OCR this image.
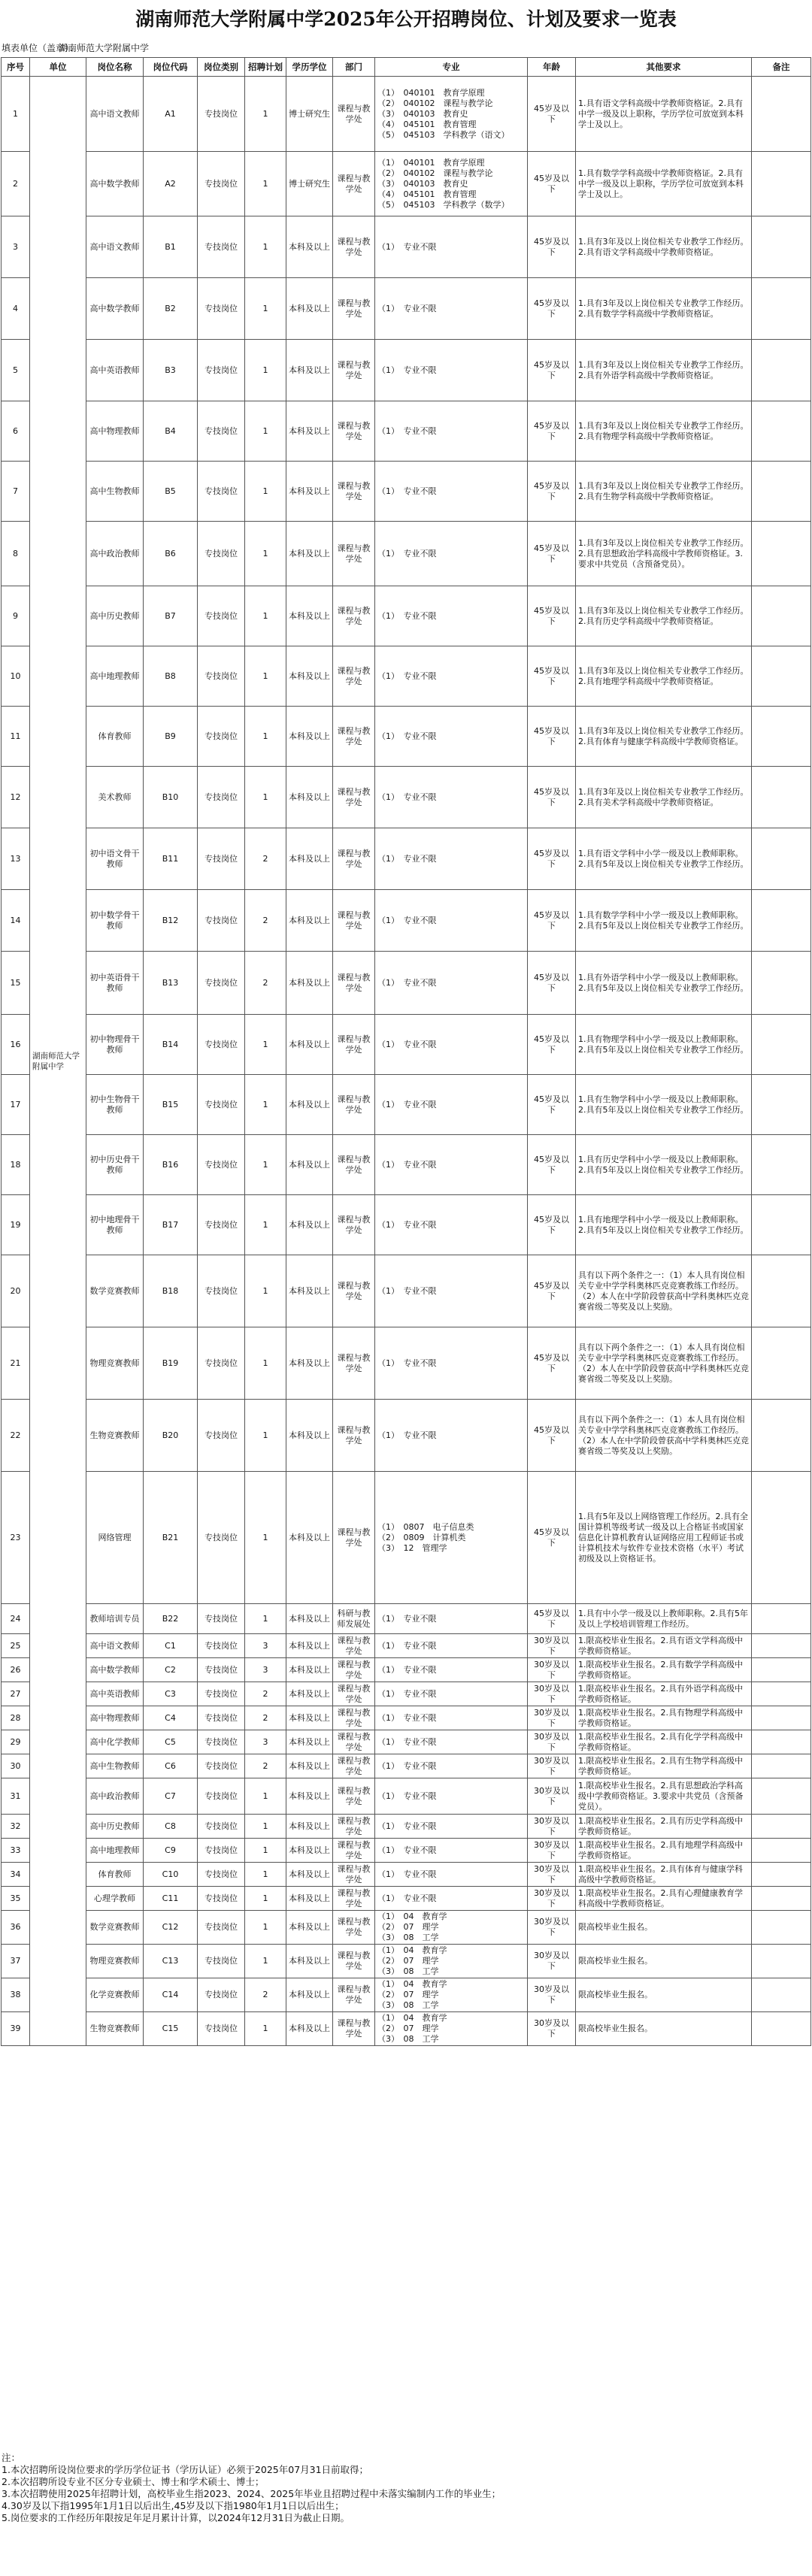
湖南师范大学附属中学2025年公开招聘岗位、计划及要求一览表
填表单位（盖章）：
湖南师范大学附属中学
序号	单位	岗位名称	岗位代码	岗位类别	招聘计划	学历学位	部门	专业	年龄	其他要求	备注
1	湖南师范大学附属中学	高中语文教师	A1	专技岗位	1	博士研究生	课程与教学处	（1）　040101　教育学原理
（2）　040102　课程与教学论
（3）　040103　教育史
（4）　045101　教育管理
（5）　045103　学科教学（语文）	45岁及以下	1.具有语文学科高级中学教师资格证。2.具有中学一级及以上职称，学历学位可放宽到本科学士及以上。	
2		高中数学教师	A2	专技岗位	1	博士研究生	课程与教学处	（1）　040101　教育学原理
（2）　040102　课程与教学论
（3）　040103　教育史
（4）　045101　教育管理
（5）　045103　学科教学（数学）	45岁及以下	1.具有数学学科高级中学教师资格证。2.具有中学一级及以上职称，学历学位可放宽到本科学士及以上。	
3		高中语文教师	B1	专技岗位	1	本科及以上	课程与教学处	（1）　专业不限	45岁及以下	1.具有3年及以上岗位相关专业教学工作经历。2.具有语文学科高级中学教师资格证。	
4		高中数学教师	B2	专技岗位	1	本科及以上	课程与教学处	（1）　专业不限	45岁及以下	1.具有3年及以上岗位相关专业教学工作经历。2.具有数学学科高级中学教师资格证。	
5		高中英语教师	B3	专技岗位	1	本科及以上	课程与教学处	（1）　专业不限	45岁及以下	1.具有3年及以上岗位相关专业教学工作经历。2.具有外语学科高级中学教师资格证。	
6		高中物理教师	B4	专技岗位	1	本科及以上	课程与教学处	（1）　专业不限	45岁及以下	1.具有3年及以上岗位相关专业教学工作经历。2.具有物理学科高级中学教师资格证。	
7		高中生物教师	B5	专技岗位	1	本科及以上	课程与教学处	（1）　专业不限	45岁及以下	1.具有3年及以上岗位相关专业教学工作经历。2.具有生物学科高级中学教师资格证。	
8		高中政治教师	B6	专技岗位	1	本科及以上	课程与教学处	（1）　专业不限	45岁及以下	1.具有3年及以上岗位相关专业教学工作经历。2.具有思想政治学科高级中学教师资格证。3.要求中共党员（含预备党员）。	
9		高中历史教师	B7	专技岗位	1	本科及以上	课程与教学处	（1）　专业不限	45岁及以下	1.具有3年及以上岗位相关专业教学工作经历。2.具有历史学科高级中学教师资格证。	
10		高中地理教师	B8	专技岗位	1	本科及以上	课程与教学处	（1）　专业不限	45岁及以下	1.具有3年及以上岗位相关专业教学工作经历。2.具有地理学科高级中学教师资格证。	
11		体育教师	B9	专技岗位	1	本科及以上	课程与教学处	（1）　专业不限	45岁及以下	1.具有3年及以上岗位相关专业教学工作经历。2.具有体育与健康学科高级中学教师资格证。	
12		美术教师	B10	专技岗位	1	本科及以上	课程与教学处	（1）　专业不限	45岁及以下	1.具有3年及以上岗位相关专业教学工作经历。2.具有美术学科高级中学教师资格证。	
13		初中语文骨干教师	B11	专技岗位	2	本科及以上	课程与教学处	（1）　专业不限	45岁及以下	1.具有语文学科中小学一级及以上教师职称。2.具有5年及以上岗位相关专业教学工作经历。	
14		初中数学骨干教师	B12	专技岗位	2	本科及以上	课程与教学处	（1）　专业不限	45岁及以下	1.具有数学学科中小学一级及以上教师职称。2.具有5年及以上岗位相关专业教学工作经历。	
15		初中英语骨干教师	B13	专技岗位	2	本科及以上	课程与教学处	（1）　专业不限	45岁及以下	1.具有外语学科中小学一级及以上教师职称。2.具有5年及以上岗位相关专业教学工作经历。	
16		初中物理骨干教师	B14	专技岗位	1	本科及以上	课程与教学处	（1）　专业不限	45岁及以下	1.具有物理学科中小学一级及以上教师职称。2.具有5年及以上岗位相关专业教学工作经历。	
17		初中生物骨干教师	B15	专技岗位	1	本科及以上	课程与教学处	（1）　专业不限	45岁及以下	1.具有生物学科中小学一级及以上教师职称。2.具有5年及以上岗位相关专业教学工作经历。	
18		初中历史骨干教师	B16	专技岗位	1	本科及以上	课程与教学处	（1）　专业不限	45岁及以下	1.具有历史学科中小学一级及以上教师职称。2.具有5年及以上岗位相关专业教学工作经历。	
19		初中地理骨干教师	B17	专技岗位	1	本科及以上	课程与教学处	（1）　专业不限	45岁及以下	1.具有地理学科中小学一级及以上教师职称。2.具有5年及以上岗位相关专业教学工作经历。	
20		数学竞赛教师	B18	专技岗位	1	本科及以上	课程与教学处	（1）　专业不限	45岁及以下	具有以下两个条件之一：（1）本人具有岗位相关专业中学学科奥林匹克竞赛教练工作经历。（2）本人在中学阶段曾获高中学科奥林匹克竞赛省级二等奖及以上奖励。	
21		物理竞赛教师	B19	专技岗位	1	本科及以上	课程与教学处	（1）　专业不限	45岁及以下	具有以下两个条件之一：（1）本人具有岗位相关专业中学学科奥林匹克竞赛教练工作经历。（2）本人在中学阶段曾获高中学科奥林匹克竞赛省级二等奖及以上奖励。	
22		生物竞赛教师	B20	专技岗位	1	本科及以上	课程与教学处	（1）　专业不限	45岁及以下	具有以下两个条件之一：（1）本人具有岗位相关专业中学学科奥林匹克竞赛教练工作经历。（2）本人在中学阶段曾获高中学科奥林匹克竞赛省级二等奖及以上奖励。	
23		网络管理	B21	专技岗位	1	本科及以上	课程与教学处	（1）　0807　电子信息类
（2）　0809　计算机类
（3）　12　管理学	45岁及以下	1.具有5年及以上网络管理工作经历。2.具有全国计算机等级考试一级及以上合格证书或国家信息化计算机教育认证网络应用工程师证书或计算机技术与软件专业技术资格（水平）考试初级及以上资格证书。	
24		教师培训专员	B22	专技岗位	1	本科及以上	科研与教师发展处	（1）　专业不限	45岁及以下	1.具有中小学一级及以上教师职称。2.具有5年及以上学校培训管理工作经历。	
25		高中语文教师	C1	专技岗位	3	本科及以上	课程与教学处	（1）　专业不限	30岁及以下	1.限高校毕业生报名。2.具有语文学科高级中学教师资格证。	
26		高中数学教师	C2	专技岗位	3	本科及以上	课程与教学处	（1）　专业不限	30岁及以下	1.限高校毕业生报名。2.具有数学学科高级中学教师资格证。	
27		高中英语教师	C3	专技岗位	2	本科及以上	课程与教学处	（1）　专业不限	30岁及以下	1.限高校毕业生报名。2.具有外语学科高级中学教师资格证。	
28		高中物理教师	C4	专技岗位	2	本科及以上	课程与教学处	（1）　专业不限	30岁及以下	1.限高校毕业生报名。2.具有物理学科高级中学教师资格证。	
29		高中化学教师	C5	专技岗位	3	本科及以上	课程与教学处	（1）　专业不限	30岁及以下	1.限高校毕业生报名。2.具有化学学科高级中学教师资格证。	
30		高中生物教师	C6	专技岗位	2	本科及以上	课程与教学处	（1）　专业不限	30岁及以下	1.限高校毕业生报名。2.具有生物学科高级中学教师资格证。	
31		高中政治教师	C7	专技岗位	1	本科及以上	课程与教学处	（1）　专业不限	30岁及以下	1.限高校毕业生报名。2.具有思想政治学科高级中学教师资格证。3.要求中共党员（含预备党员）。	
32		高中历史教师	C8	专技岗位	1	本科及以上	课程与教学处	（1）　专业不限	30岁及以下	1.限高校毕业生报名。2.具有历史学科高级中学教师资格证。	
33		高中地理教师	C9	专技岗位	1	本科及以上	课程与教学处	（1）　专业不限	30岁及以下	1.限高校毕业生报名。2.具有地理学科高级中学教师资格证。	
34		体育教师	C10	专技岗位	1	本科及以上	课程与教学处	（1）　专业不限	30岁及以下	1.限高校毕业生报名。2.具有体育与健康学科高级中学教师资格证。	
35		心理学教师	C11	专技岗位	1	本科及以上	课程与教学处	（1）　专业不限	30岁及以下	1.限高校毕业生报名。2.具有心理健康教育学科高级中学教师资格证。	
36		数学竞赛教师	C12	专技岗位	1	本科及以上	课程与教学处	（1）　04　教育学
（2）　07　理学
（3）　08　工学	30岁及以下	限高校毕业生报名。	
37		物理竞赛教师	C13	专技岗位	1	本科及以上	课程与教学处	（1）　04　教育学
（2）　07　理学
（3）　08　工学	30岁及以下	限高校毕业生报名。	
38		化学竞赛教师	C14	专技岗位	2	本科及以上	课程与教学处	（1）　04　教育学
（2）　07　理学
（3）　08　工学	30岁及以下	限高校毕业生报名。	
39		生物竞赛教师	C15	专技岗位	1	本科及以上	课程与教学处	（1）　04　教育学
（2）　07　理学
（3）　08　工学	30岁及以下	限高校毕业生报名。	
注：
1.本次招聘所设岗位要求的学历学位证书（学历认证）必须于2025年07月31日前取得；
2.本次招聘所设专业不区分专业硕士、博士和学术硕士、博士；
3.本次招聘使用2025年招聘计划，高校毕业生指2023、2024、2025年毕业且招聘过程中未落实编制内工作的毕业生；
4.30岁及以下指1995年1月1日以后出生,45岁及以下指1980年1月1日以后出生；
5.岗位要求的工作经历年限按足年足月累计计算，以2024年12月31日为截止日期。
